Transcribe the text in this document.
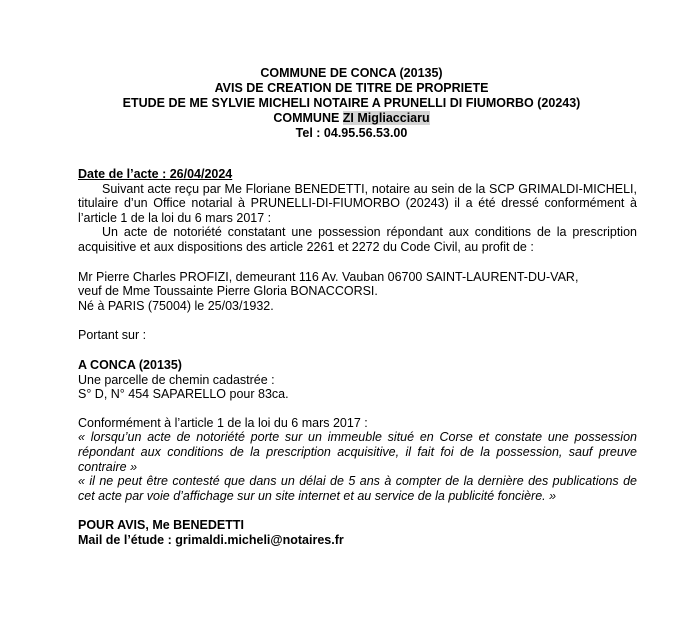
COMMUNE DE CONCA (20135)

AVIS DE CREATION DE TITRE DE PROPRIETE

ETUDE DE ME SYLVIE MICHELI NOTAIRE A PRUNELLI DI FIUMORBO (20243)

COMMUNE ZI Migliacciaru

Tel : 04.95.56.53.00

Date de l’acte : 26/04/2024

Suivant acte reçu par Me Floriane BENEDETTI, notaire au sein de la SCP GRIMALDI-MICHELI, titulaire d’un Office notarial à PRUNELLI-DI-FIUMORBO (20243) il a été dressé conformément à l’article 1 de la loi du 6 mars 2017 :

Un acte de notoriété constatant une possession répondant aux conditions de la prescription acquisitive et aux dispositions des article 2261 et 2272 du Code Civil, au profit de :

Mr Pierre Charles PROFIZI, demeurant 116 Av. Vauban 06700 SAINT-LAURENT-DU-VAR,

veuf de Mme Toussainte Pierre Gloria BONACCORSI.

Né à PARIS (75004) le 25/03/1932.

Portant sur :

A CONCA (20135)

Une parcelle de chemin cadastrée :

S° D, N° 454 SAPARELLO pour 83ca.

Conformément à l’article 1 de la loi du 6 mars 2017 :

« lorsqu’un acte de notoriété porte sur un immeuble situé en Corse et constate une possession répondant aux conditions de la prescription acquisitive, il fait foi de la possession, sauf preuve contraire »

« il ne peut être contesté que dans un délai de 5 ans à compter de la dernière des publications de cet acte par voie d’affichage sur un site internet et au service de la publicité foncière. »

POUR AVIS, Me BENEDETTI

Mail de l’étude : grimaldi.micheli@notaires.fr
